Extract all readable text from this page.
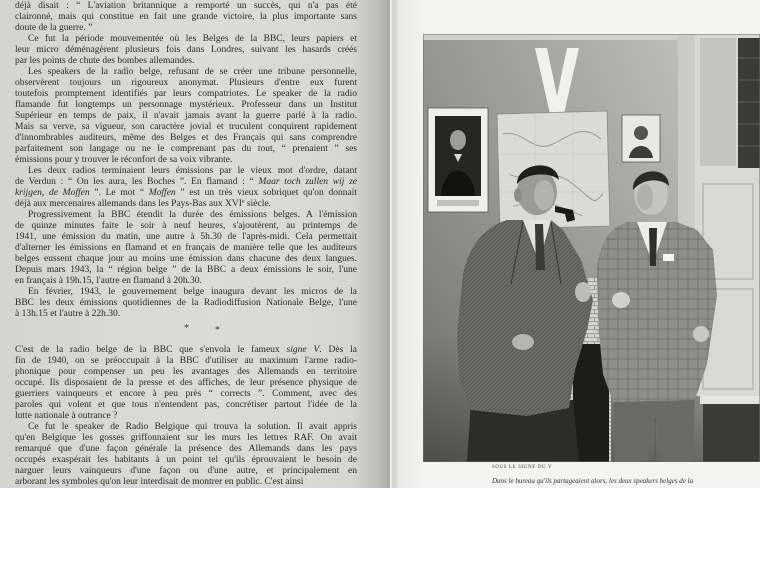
déjà disait : “ L'aviation britannique a remporté un succès, qui n'a pas été
claironné, mais qui constitue en fait une grande victoire, la plus importante sans
doute de la guerre. ”
Ce fut la période mouvementée où les Belges de la BBC, leurs papiers et
leur micro déménagèrent plusieurs fois dans Londres, suivant les hasards créés
par les points de chute des bombes allemandes.
Les speakers de la radio belge, refusant de se créer une tribune personnelle,
observèrent toujours un rigoureux anonymat. Plusieurs d'entre eux furent
toutefois promptement identifiés par leurs compatriotes. Le speaker de la radio
flamande fut longtemps un personnage mystérieux. Professeur dans un Institut
Supérieur en temps de paix, il n'avait jamais avant la guerre parlé à la radio.
Mais sa verve, sa vigueur, son caractère jovial et truculent conquirent rapidement
d'innombrables auditeurs, même des Belges et des Français qui sans comprendre
parfaitement son langage ou ne le comprenant pas du tout, “ prenaient ” ses
émissions pour y trouver le réconfort de sa voix vibrante.
Les deux radios terminaient leurs émissions par le vieux mot d'ordre, datant
de Verdun : “ On les aura, les Boches ”. En flamand : “ Maar toch zullen wij ze
krijgen, de Moffen ”. Le mot “ Moffen ” est un très vieux sobriquet qu'on donnait
déjà aux mercenaires allemands dans les Pays-Bas aux XVIe siècle.
Progressivement la BBC étendit la durée des émissions belges. A l'émission
de quinze minutes faite le soir à neuf heures, s'ajoutèrent, au printemps de
1941, une émission du matin, une autre à 5h.30 de l'après-midi. Cela permettait
d'alterner les émissions en flamand et en français de manière telle que les auditeurs
belges eussent chaque jour au moins une émission dans chacune des deux langues.
Depuis mars 1943, la “ région belge ” de la BBC a deux émissions le soir, l'une
en français à 19h.15, l'autre en flamand à 20h.30.
En février, 1943, le gouvernement belge inaugura devant les micros de la
BBC les deux émissions quotidiennes de la Radiodiffusion Nationale Belge, l'une
à 13h.15 et l'autre à 22h.30.
*	*
C'est de la radio belge de la BBC que s'envola le fameux signe V. Dès la
fin de 1940, on se préoccupait à la BBC d'utiliser au maximum l'arme radio-
phonique pour compenser un peu les avantages des Allemands en territoire
occupé. Ils disposaient de la presse et des affiches, de leur présence physique de
guerriers vainqueurs et encore à peu près “ corrects ”. Comment, avec des
paroles qui volent et que tous n'entendent pas, concrétiser partout l'idée de la
lutte nationale à outrance ?
Ce fut le speaker de Radio Belgique qui trouva la solution. Il avait appris
qu'en Belgique les gosses griffonnaient sur les murs les lettres RAF. On avait
remarqué que d'une façon générale la présence des Allemands dans les pays
occupés exaspérait les habitants à un point tel qu'ils éprouvaient le besoin de
narguer leurs vainqueurs d'une façon ou d'une autre, et principalement en
arborant les symboles qu'on leur interdisait de montrer en public. C'est ainsi
SOUS LE SIGNE DU V
Dans le bureau qu'ils partageaient alors, les deux speakers belges de la
